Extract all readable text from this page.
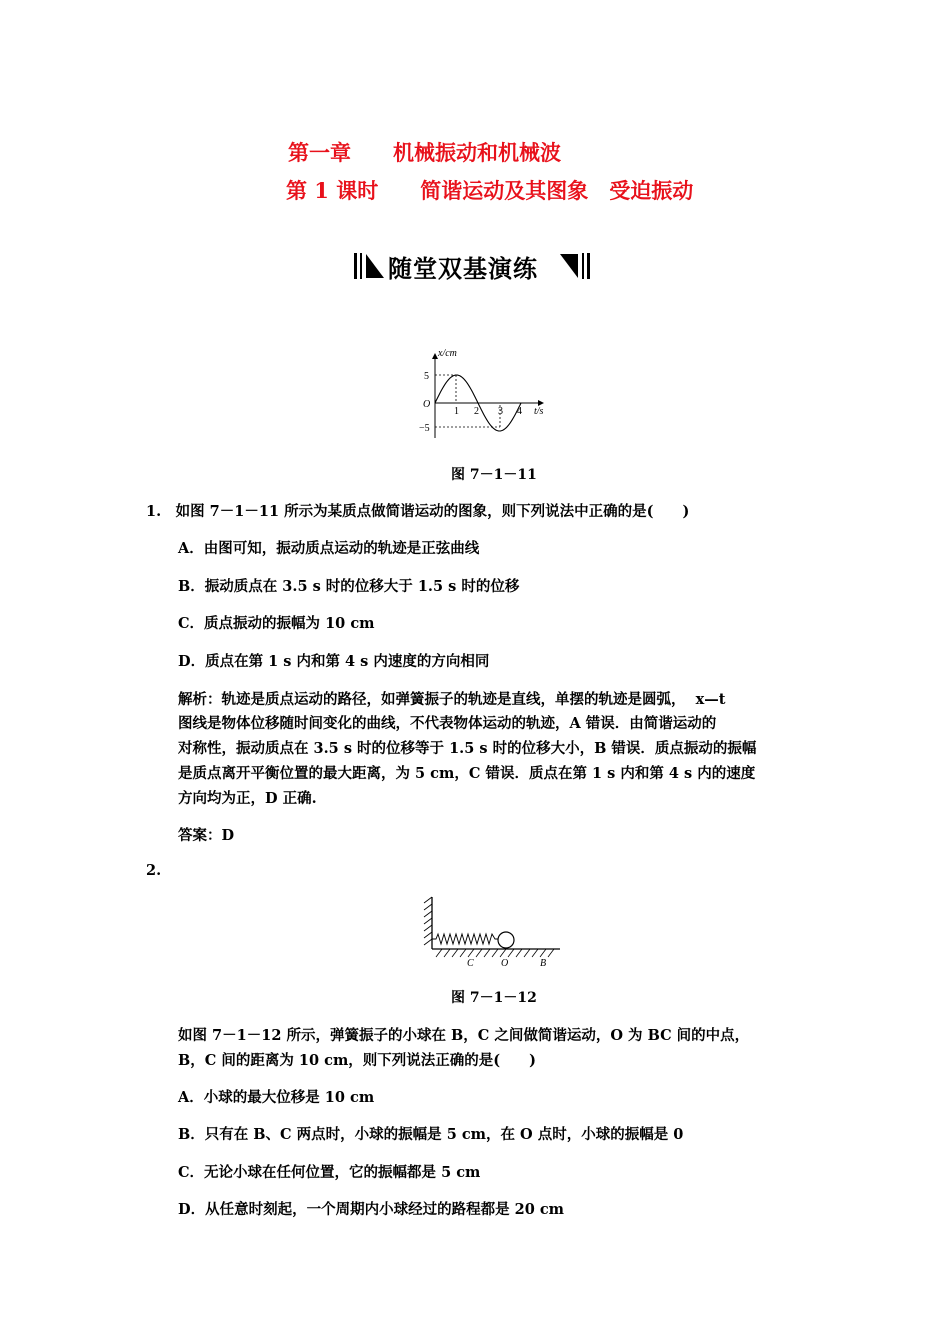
第一章　　机械振动和机械波
第 1 课时　　简谐运动及其图象　受迫振动
随堂双基演练
x/cm
t/s
O
5
−5
1 2 3 4
图 7－1－11
1.　如图 7－1－11 所示为某质点做简谐运动的图象，则下列说法中正确的是(　　)
A．由图可知，振动质点运动的轨迹是正弦曲线
B．振动质点在 3.5 s 时的位移大于 1.5 s 时的位移
C．质点振动的振幅为 10 cm
D．质点在第 1 s 内和第 4 s 内速度的方向相同
解析：轨迹是质点运动的路径，如弹簧振子的轨迹是直线，单摆的轨迹是圆弧，  x—t
图线是物体位移随时间变化的曲线，不代表物体运动的轨迹，A 错误．由简谐运动的
对称性，振动质点在 3.5 s 时的位移等于 1.5 s 时的位移大小，B 错误．质点振动的振幅
是质点离开平衡位置的最大距离，为 5 cm，C 错误．质点在第 1 s 内和第 4 s 内的速度
方向均为正，D 正确.
答案：D
2.
C	O	B
图 7－1－12
如图 7－1－12 所示，弹簧振子的小球在 B，C 之间做简谐运动，O 为 BC 间的中点，
B，C 间的距离为 10 cm，则下列说法正确的是(　　)
A．小球的最大位移是 10 cm
B．只有在 B、C 两点时，小球的振幅是 5 cm，在 O 点时，小球的振幅是 0
C．无论小球在任何位置，它的振幅都是 5 cm
D．从任意时刻起，一个周期内小球经过的路程都是 20 cm
